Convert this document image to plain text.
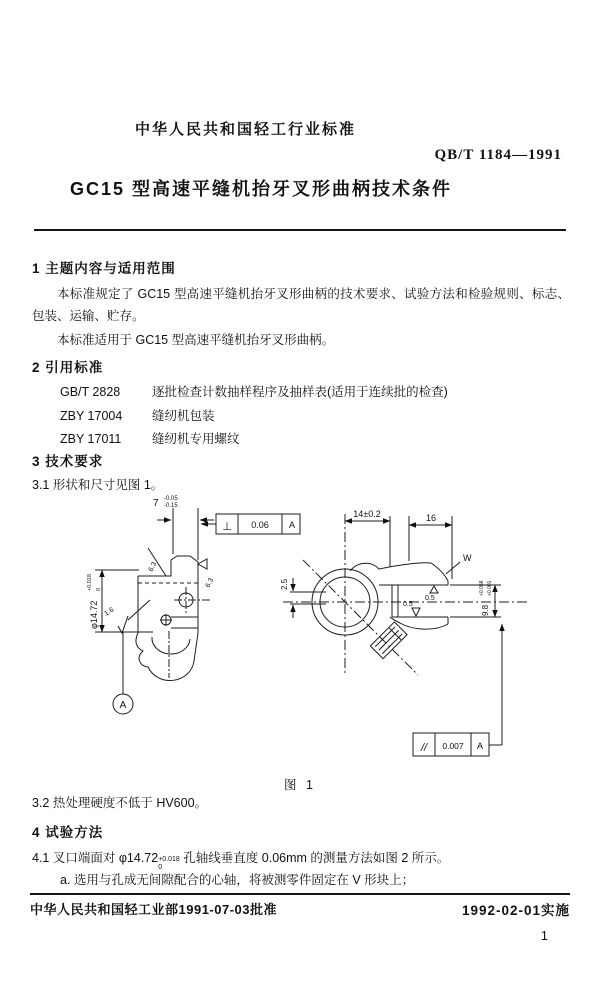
中华人民共和国轻工行业标准
QB/T 1184—1991
GC15 型高速平缝机抬牙叉形曲柄技术条件
1 主题内容与适用范围
本标准规定了 GC15 型高速平缝机抬牙叉形曲柄的技术要求、试验方法和检验规则、标志、包装、运输、贮存。
本标准适用于 GC15 型高速平缝机抬牙叉形曲柄。
2 引用标准
GB/T 2828	逐批检查计数抽样程序及抽样表(适用于连续批的检查)
ZBY 17004 缝纫机包装
ZBY 17011 缝纫机专用螺纹
3 技术要求
3.1 形状和尺寸见图 1。
7 -0.05
-0.15
⊥ 0.06 A
φ14.72
+0.018 0
A
1.6
6.3
6.3
14±0.2	16
W
0.5
0.5
2.5
9.8
+0.058 +0.001
// 0.007 A
图 1
3.2 热处理硬度不低于 HV600。
4 试验方法
4.1 叉口端面对 φ14.72 +0.018
0
孔轴线垂直度 0.06mm 的测量方法如图 2 所示。
a. 选用与孔成无间隙配合的心轴，将被测零件固定在 V 形块上；
中华人民共和国轻工业部1991-07-03批准	1992-02-01实施
1
